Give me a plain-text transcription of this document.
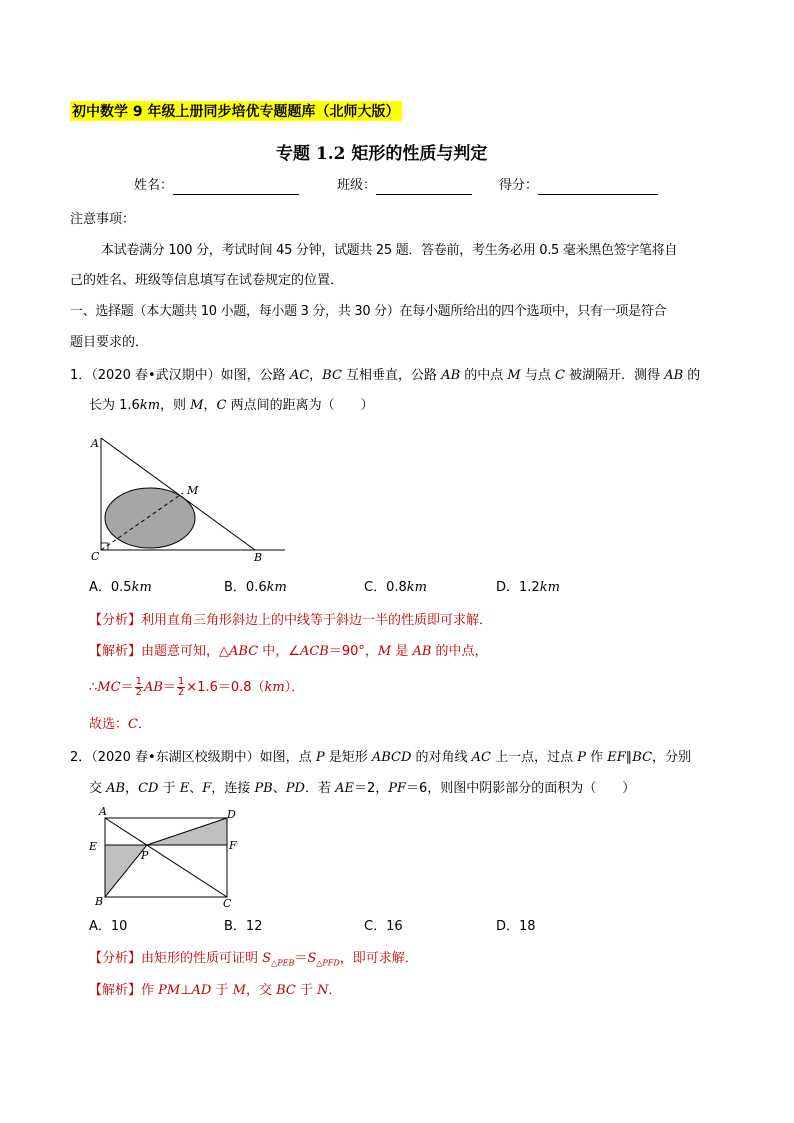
初中数学 9 年级上册同步培优专题题库（北师大版）
专题 1.2 矩形的性质与判定
姓名：	班级：	得分：
注意事项：
本试卷满分 100 分，考试时间 45 分钟，试题共 25 题．答卷前，考生务必用 0.5 毫米黑色签字笔将自
己的姓名、班级等信息填写在试卷规定的位置．
一、选择题（本大题共 10 小题，每小题 3 分，共 30 分）在每小题所给出的四个选项中，只有一项是符合
题目要求的．
1．（2020 春•武汉期中）如图，公路 AC，BC 互相垂直，公路 AB 的中点 M 与点 C 被湖隔开．测得 AB 的
长为 1.6km，则 M，C 两点间的距离为（　　）
A
M
C	B
A．0.5km	B．0.6km	C．0.8km	D．1.2km
【分析】利用直角三角形斜边上的中线等于斜边一半的性质即可求解．
【解析】由题意可知，△ABC 中，∠ACB＝90°，M 是 AB 的中点，
∴MC＝ $\frac{1}{2} AB= \frac{1}{2} \times 1.6=0.8(km)$．
故选：C．
2．（2020 春•东湖区校级期中）如图，点 P 是矩形 ABCD 的对角线 AC 上一点，过点 P 作 EF∥BC，分别
交 AB，CD 于 E、F，连接 PB、PD．若 AE＝2，PF＝6，则图中阴影部分的面积为（　　）
A	D
E
P
F
B	C
A．10	B．12	C．16	D．18
【分析】由矩形的性质可证明 $S_{\triangle PEB}=S_{\triangle PFD}$，即可求解．
【解析】作 PM⊥AD 于 M，交 BC 于 N．
